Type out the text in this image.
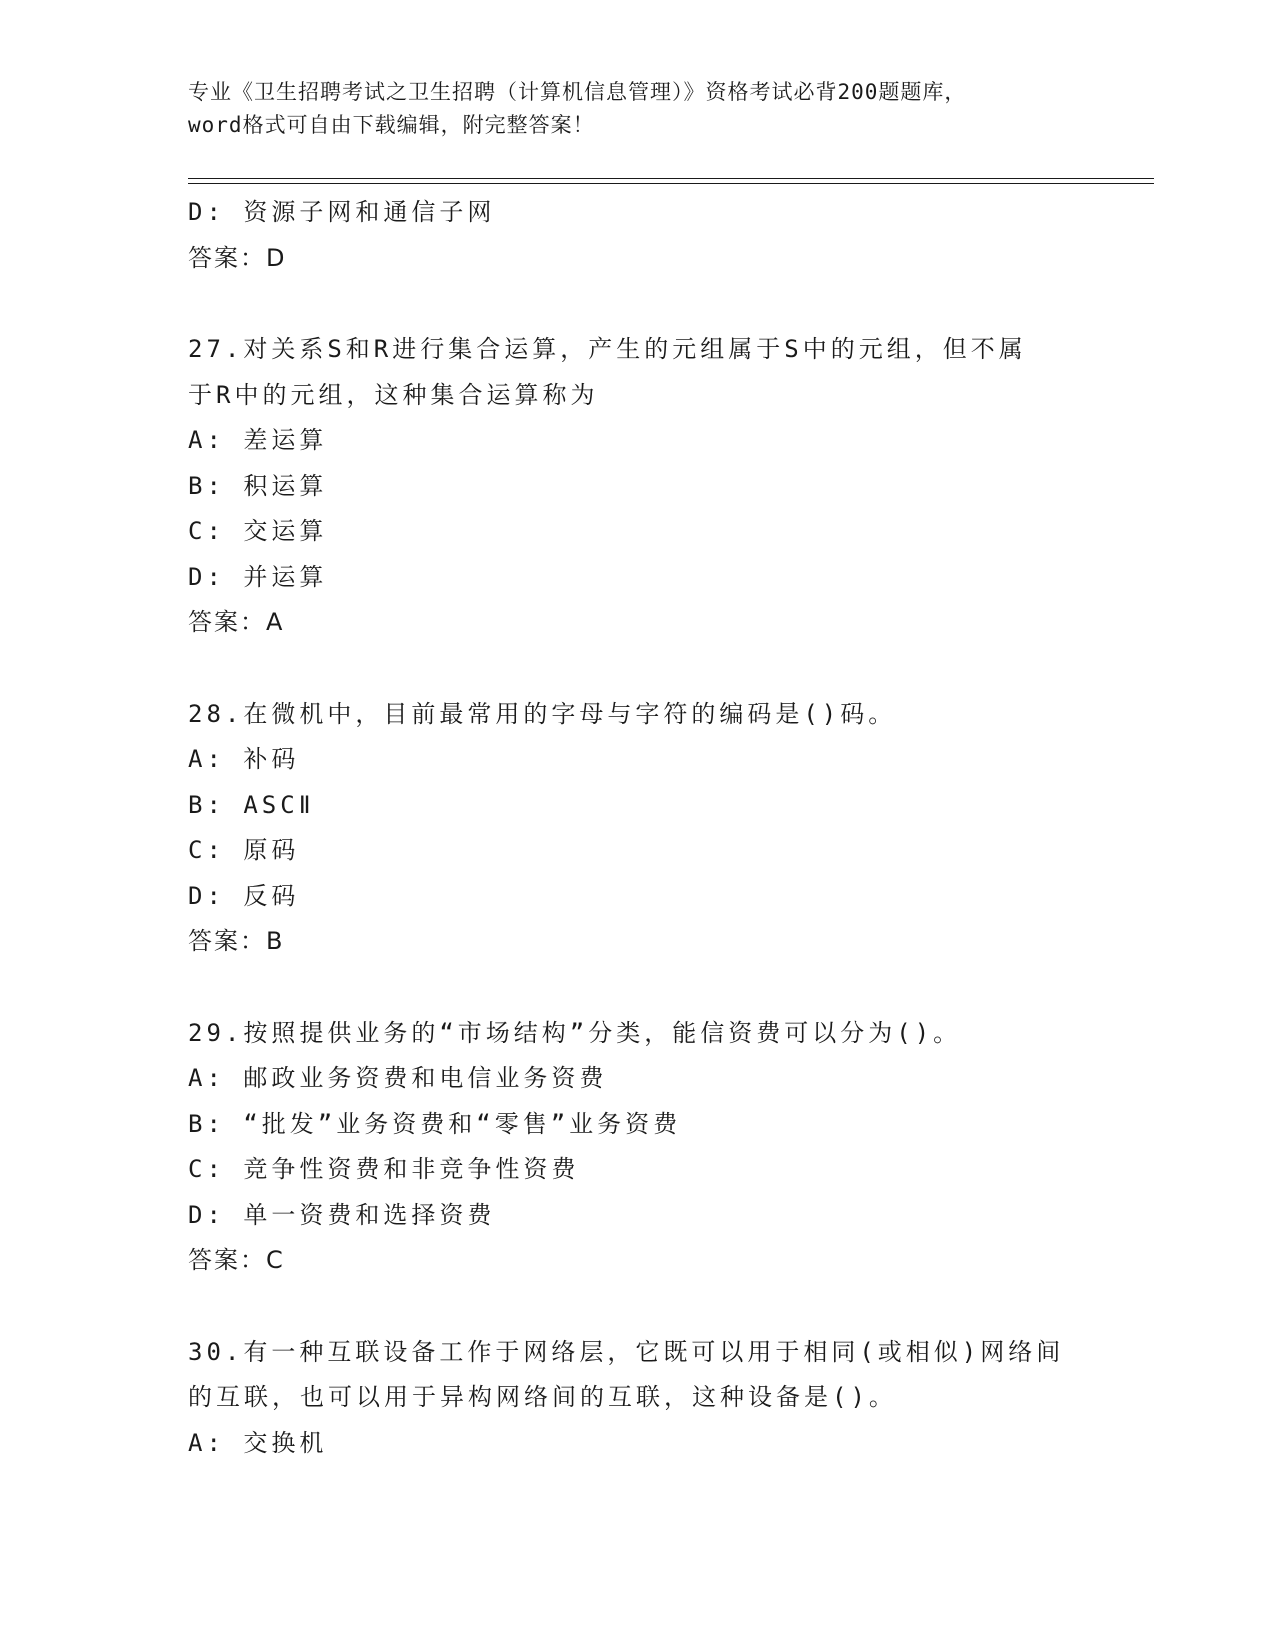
专业《卫生招聘考试之卫生招聘（计算机信息管理）》资格考试必背200题题库，
word格式可自由下载编辑，附完整答案！
D: 资源子网和通信子网
答案：D
27.对关系S和R进行集合运算，产生的元组属于S中的元组，但不属
于R中的元组，这种集合运算称为
A: 差运算
B: 积运算
C: 交运算
D: 并运算
答案：A
28.在微机中，目前最常用的字母与字符的编码是()码。
A: 补码
B: ASCⅡ
C: 原码
D: 反码
答案：B
29.按照提供业务的“市场结构”分类，能信资费可以分为()。
A: 邮政业务资费和电信业务资费
B: “批发”业务资费和“零售”业务资费
C: 竞争性资费和非竞争性资费
D: 单一资费和选择资费
答案：C
30.有一种互联设备工作于网络层，它既可以用于相同(或相似)网络间
的互联，也可以用于异构网络间的互联，这种设备是()。
A: 交换机
